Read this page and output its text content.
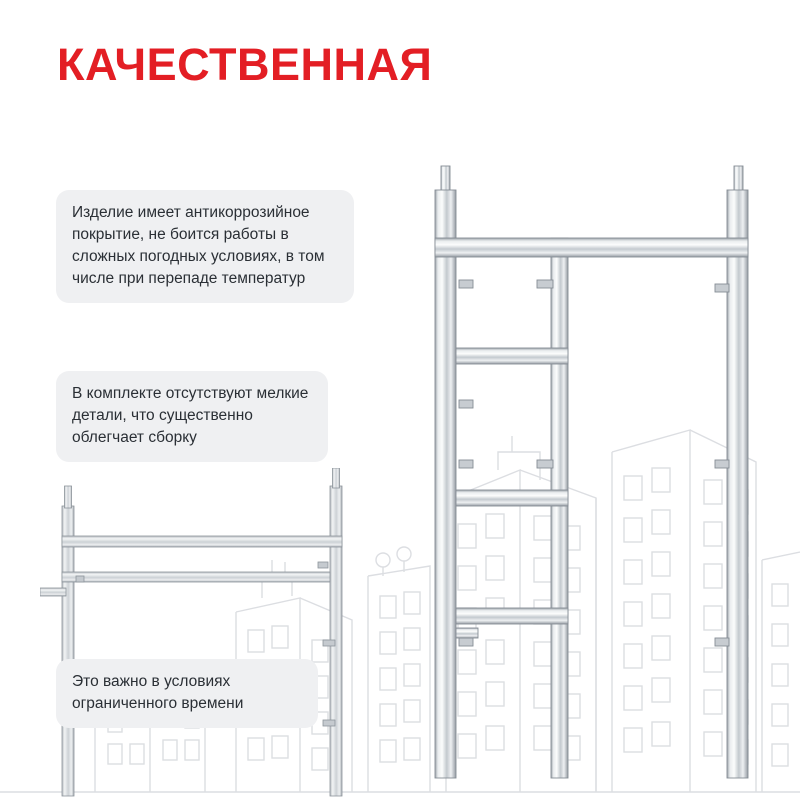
КАЧЕСТВЕННАЯ
Изделие имеет антикоррозийное покрытие, не боится работы в сложных погодных условиях, в том числе при перепаде температур
В комплекте отсутствуют мелкие детали, что существенно облегчает сборку
Это важно в условиях ограниченного времени
